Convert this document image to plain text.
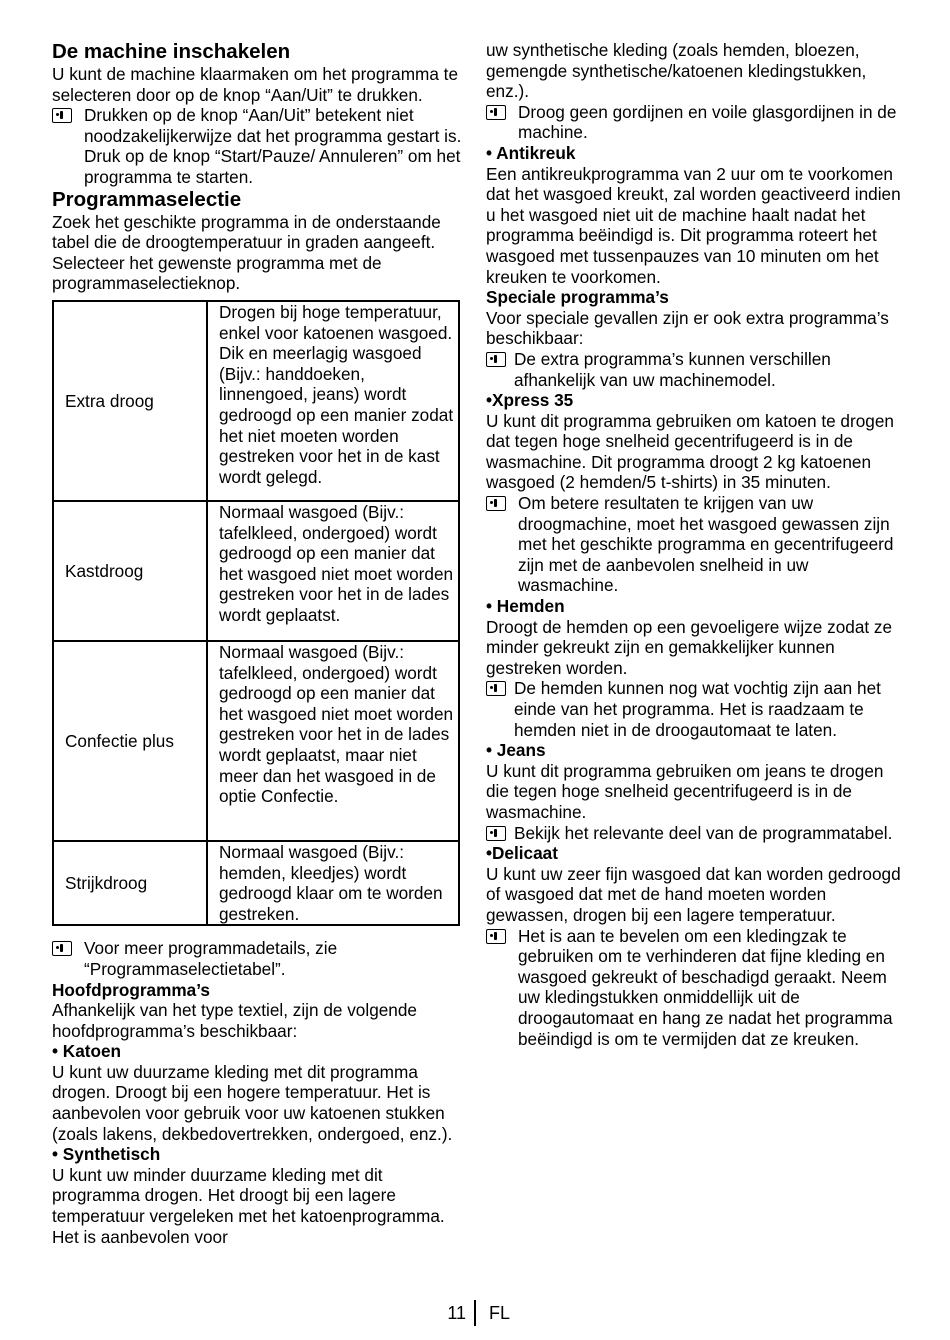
De machine inschakelen

U kunt de machine klaarmaken om het programma te selecteren door op de knop “Aan/Uit” te drukken.

Drukken op de knop “Aan/Uit” betekent niet noodzakelijkerwijze dat het programma gestart is. Druk op de knop “Start/Pauze/ Annuleren” om het programma te starten.

Programmaselectie

Zoek het geschikte programma in de onderstaande tabel die de droogtemperatuur in graden aangeeft. Selecteer het gewenste programma met de programmaselectieknop.

Extra droog	Drogen bij hoge temperatuur, enkel voor katoenen wasgoed. Dik en meerlagig wasgoed (Bijv.: handdoeken, linnengoed, jeans) wordt gedroogd op een manier zodat het niet moeten worden gestreken voor het in de kast wordt gelegd.
Kastdroog	Normaal wasgoed (Bijv.: tafelkleed, ondergoed) wordt gedroogd op een manier dat het wasgoed niet moet worden gestreken voor het in de lades wordt geplaatst.
Confectie plus	Normaal wasgoed (Bijv.: tafelkleed, ondergoed) wordt gedroogd op een manier dat het wasgoed niet moet worden gestreken voor het in de lades wordt geplaatst, maar niet meer dan het wasgoed in de optie Confectie.
Strijkdroog	Normaal wasgoed (Bijv.: hemden, kleedjes) wordt gedroogd klaar om te worden gestreken.
Voor meer programmadetails, zie “Programmaselectietabel”.

Hoofdprogramma’s

Afhankelijk van het type textiel, zijn de volgende hoofdprogramma’s beschikbaar:

• Katoen

U kunt uw duurzame kleding met dit programma drogen. Droogt bij een hogere temperatuur. Het is aanbevolen voor gebruik voor uw katoenen stukken (zoals lakens, dekbedovertrekken, ondergoed, enz.).

• Synthetisch

U kunt uw minder duurzame kleding met dit programma drogen. Het droogt bij een lagere temperatuur vergeleken met het katoenprogramma. Het is aanbevolen voor

uw synthetische kleding (zoals hemden, bloezen, gemengde synthetische/katoenen kledingstukken, enz.).

Droog geen gordijnen en voile glasgordijnen in de machine.

• Antikreuk

Een antikreukprogramma van 2 uur om te voorkomen dat het wasgoed kreukt, zal worden geactiveerd indien u het wasgoed niet uit de machine haalt nadat het programma beëindigd is. Dit programma roteert het wasgoed met tussenpauzes van 10 minuten om het kreuken te voorkomen.

Speciale programma’s

Voor speciale gevallen zijn er ook extra programma’s beschikbaar:

De extra programma’s kunnen verschillen afhankelijk van uw machinemodel.

•Xpress 35

U kunt dit programma gebruiken om katoen te drogen dat tegen hoge snelheid gecentrifugeerd is in de wasmachine. Dit programma droogt 2 kg katoenen wasgoed (2 hemden/5 t-shirts) in 35 minuten.

Om betere resultaten te krijgen van uw droogmachine, moet het wasgoed gewassen zijn met het geschikte programma en gecentrifugeerd zijn met de aanbevolen snelheid in uw wasmachine.

• Hemden

Droogt de hemden op een gevoeligere wijze zodat ze minder gekreukt zijn en gemakkelijker kunnen gestreken worden.

De hemden kunnen nog wat vochtig zijn aan het einde van het programma. Het is raadzaam te hemden niet in de droogautomaat te laten.

• Jeans

U kunt dit programma gebruiken om jeans te drogen die tegen hoge snelheid gecentrifugeerd is in de wasmachine.

Bekijk het relevante deel van de programmatabel.

•Delicaat

U kunt uw zeer fijn wasgoed dat kan worden gedroogd of wasgoed dat met de hand moeten worden gewassen, drogen bij een lagere temperatuur.

Het is aan te bevelen om een kledingzak te gebruiken om te verhinderen dat fijne kleding en wasgoed gekreukt of beschadigd geraakt. Neem uw kledingstukken onmiddellijk uit de droogautomaat en hang ze nadat het programma beëindigd is om te vermijden dat ze kreuken.
11 FL
